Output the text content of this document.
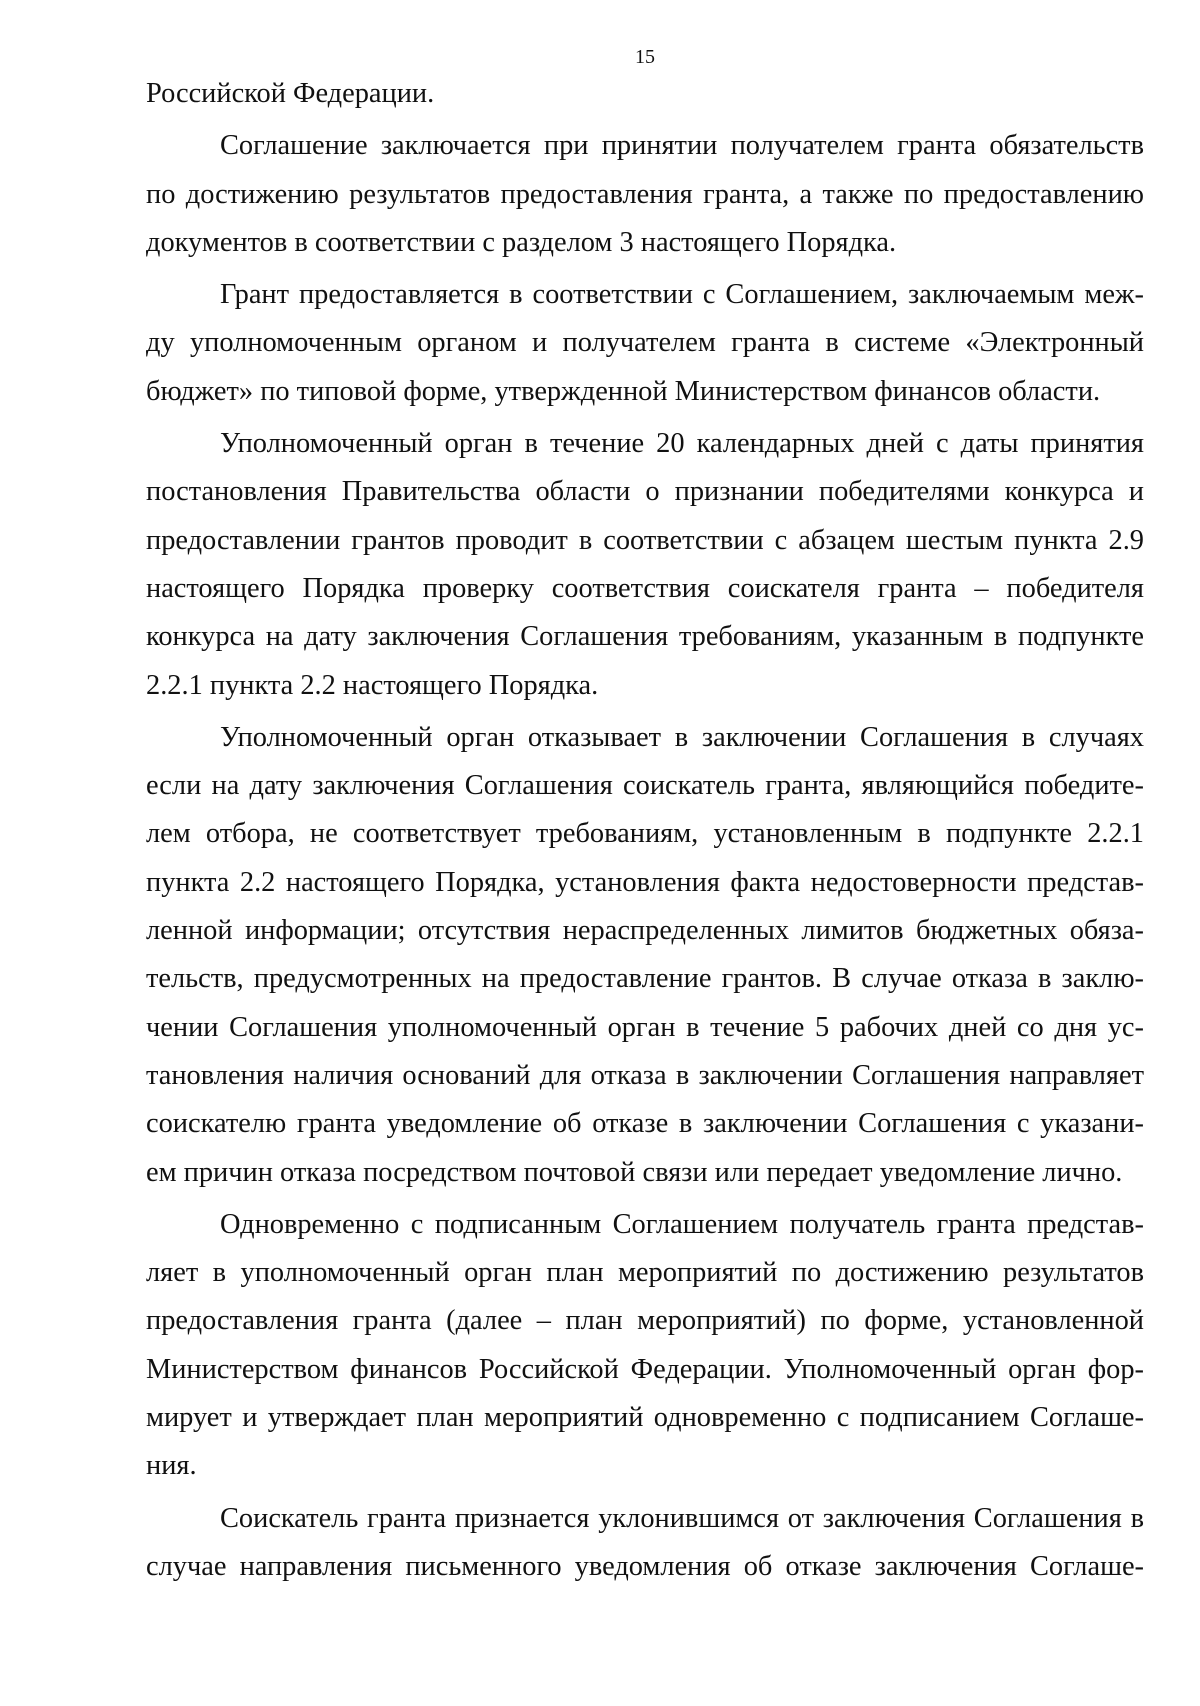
15
Российской Федерации.
Соглашение заключается при принятии получателем гранта обязательств
по достижению результатов предоставления гранта, а также по предоставлению
документов в соответствии с разделом 3 настоящего Порядка.
Грант предоставляется в соответствии с Соглашением, заключаемым меж-
ду уполномоченным органом и получателем гранта в системе «Электронный
бюджет» по типовой форме, утвержденной Министерством финансов области.
Уполномоченный орган в течение 20 календарных дней с даты принятия
постановления Правительства области о признании победителями конкурса и
предоставлении грантов проводит в соответствии с абзацем шестым пункта 2.9
настоящего Порядка проверку соответствия соискателя гранта – победителя
конкурса на дату заключения Соглашения требованиям, указанным в подпункте
2.2.1 пункта 2.2 настоящего Порядка.
Уполномоченный орган отказывает в заключении Соглашения в случаях
если на дату заключения Соглашения соискатель гранта, являющийся победите-
лем отбора, не соответствует требованиям, установленным в подпункте 2.2.1
пункта 2.2 настоящего Порядка, установления факта недостоверности представ-
ленной информации; отсутствия нераспределенных лимитов бюджетных обяза-
тельств, предусмотренных на предоставление грантов. В случае отказа в заклю-
чении Соглашения уполномоченный орган в течение 5 рабочих дней со дня ус-
тановления наличия оснований для отказа в заключении Соглашения направляет
соискателю гранта уведомление об отказе в заключении Соглашения с указани-
ем причин отказа посредством почтовой связи или передает уведомление лично.
Одновременно с подписанным Соглашением получатель гранта представ-
ляет в уполномоченный орган план мероприятий по достижению результатов
предоставления гранта (далее – план мероприятий) по форме, установленной
Министерством финансов Российской Федерации. Уполномоченный орган фор-
мирует и утверждает план мероприятий одновременно с подписанием Соглаше-
ния.
Соискатель гранта признается уклонившимся от заключения Соглашения в
случае направления письменного уведомления об отказе заключения Соглаше-
